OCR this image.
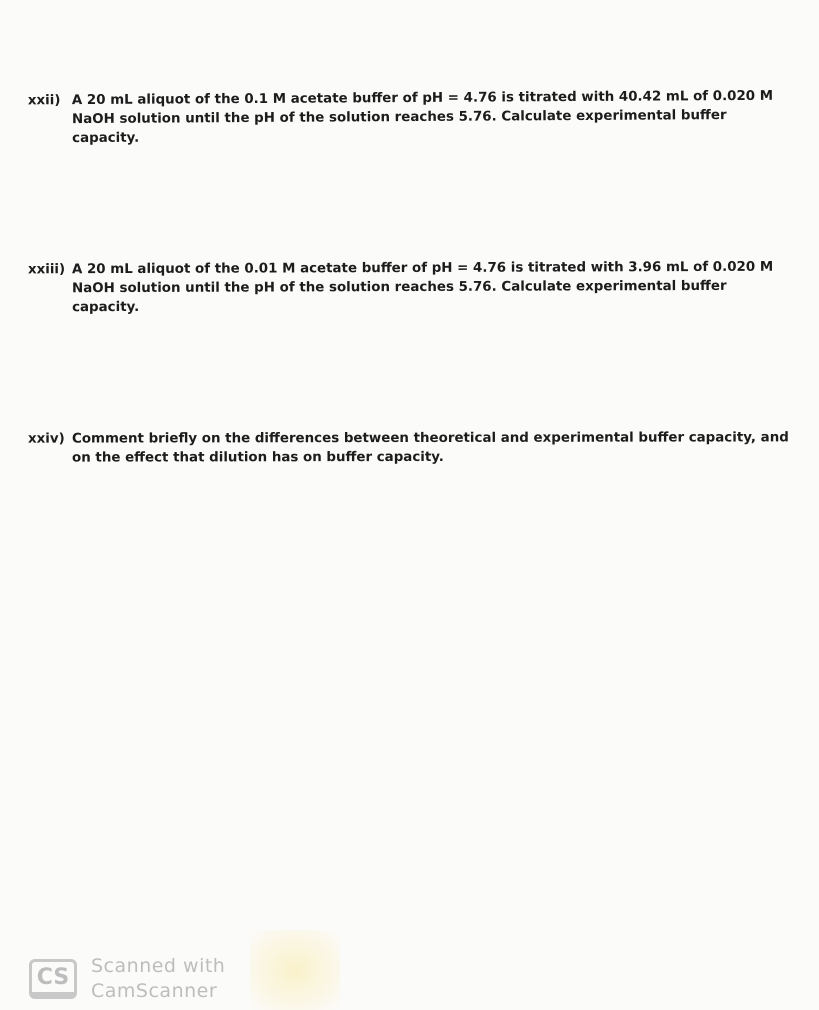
xxii) A 20 mL aliquot of the 0.1 M acetate buffer of pH = 4.76 is titrated with 40.42 mL of 0.020 M NaOH solution until the pH of the solution reaches 5.76. Calculate experimental buffer capacity.
xxiii) A 20 mL aliquot of the 0.01 M acetate buffer of pH = 4.76 is titrated with 3.96 mL of 0.020 M NaOH solution until the pH of the solution reaches 5.76. Calculate experimental buffer capacity.
xxiv) Comment briefly on the differences between theoretical and experimental buffer capacity, and on the effect that dilution has on buffer capacity.
CS	Scanned with
CamScanner
